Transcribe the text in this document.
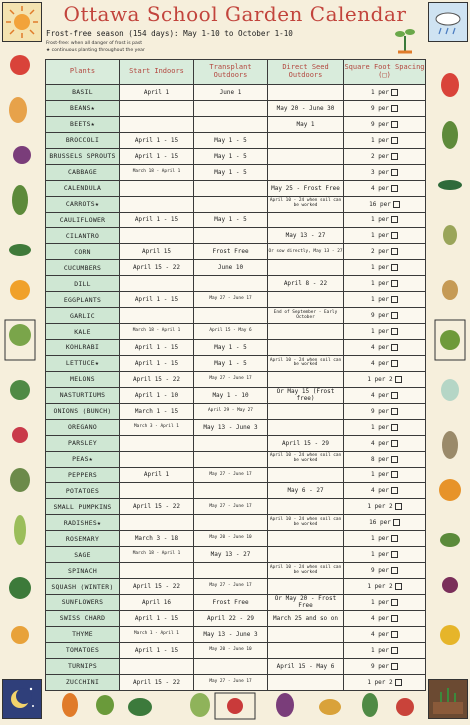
Ottawa School Garden Calendar
Frost-free season (154 days): May 1-10 to October 1-10
Frost-free: when all danger of frost is past
★ continuous planting throughout the year
Plants	Start Indoors	Transplant Outdoors	Direct Seed Outdoors	Square Foot Spacing (□)
BASIL	April 1	June 1		1 per
BEANS★			May 20 - June 30	9 per
BEETS★			May 1	9 per
BROCCOLI	April 1 - 15	May 1 - 5		1 per
BRUSSELS SPROUTS	April 1 - 15	May 1 - 5		2 per
CABBAGE	March 18 - April 1	May 1 - 5		3 per
CALENDULA			May 25 - Frost Free	4 per
CARROTS★			April 10 - 24 when soil can be worked	16 per
CAULIFLOWER	April 1 - 15	May 1 - 5		1 per
CILANTRO			May 13 - 27	1 per
CORN	April 15	Frost Free	Or sow directly, May 13 - 27	2 per
CUCUMBERS	April 15 - 22	June 10		1 per
DILL			April 8 - 22	1 per
EGGPLANTS	April 1 - 15	May 27 - June 17		1 per
GARLIC			End of September - Early October	9 per
KALE	March 18 - April 1	April 15 - May 6		1 per
KOHLRABI	April 1 - 15	May 1 - 5		4 per
LETTUCE★	April 1 - 15	May 1 - 5	April 10 - 24 when soil can be worked	4 per
MELONS	April 15 - 22	May 27 - June 17		1 per 2
NASTURTIUMS	April 1 - 10	May 1 - 10	Or May 15 (Frost free)	4 per
ONIONS (BUNCH)	March 1 - 15	April 29 - May 27		9 per
OREGANO	March 3 - April 1	May 13 - June 3		1 per
PARSLEY			April 15 - 29	4 per
PEAS★			April 10 - 24 when soil can be worked	8 per
PEPPERS	April 1	May 27 - June 17		1 per
POTATOES			May 6 - 27	4 per
SMALL PUMPKINS	April 15 - 22	May 27 - June 17		1 per 2
RADISHES★			April 10 - 24 when soil can be worked	16 per
ROSEMARY	March 3 - 18	May 20 - June 10		1 per
SAGE	March 18 - April 1	May 13 - 27		1 per
SPINACH			April 10 - 24 when soil can be worked	9 per
SQUASH (WINTER)	April 15 - 22	May 27 - June 17		1 per 2
SUNFLOWERS	April 16	Frost Free	Or May 20 - Frost Free	1 per
SWISS CHARD	April 1 - 15	April 22 - 29	March 25 and so on	4 per
THYME	March 1 - April 1	May 13 - June 3		4 per
TOMATOES	April 1 - 15	May 20 - June 10		1 per
TURNIPS			April 15 - May 6	9 per
ZUCCHINI	April 15 - 22	May 27 - June 17		1 per 2
